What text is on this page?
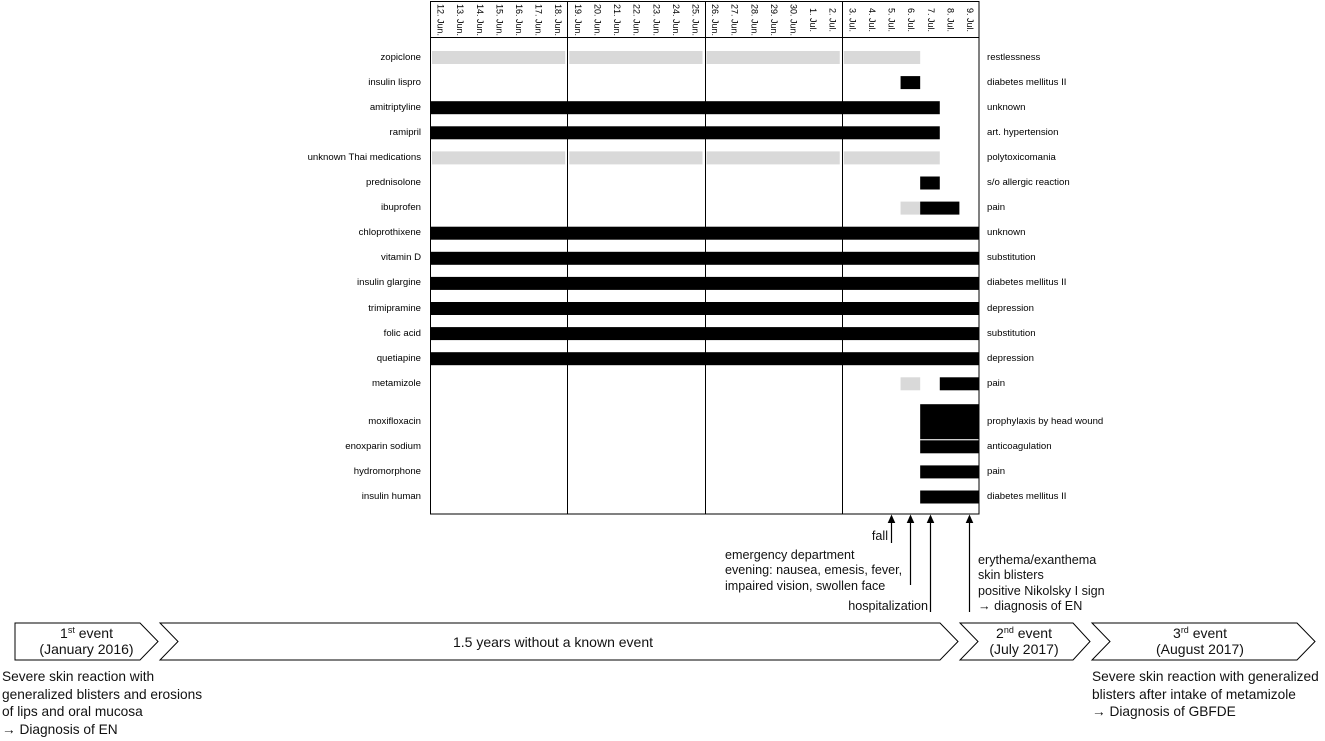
12. Jun.	13. Jun.	14. Jun.	15. Jun.	16. Jun.	17. Jun.	18. Jun.	19. Jun.	20. Jun.	21. Jun.	22. Jun.	23. Jun.	24. Jun.	25. Jun.	26. Jun.	27. Jun.	28. Jun.	29. Jun.	30. Jun.	1. Jul.	2. Jul.	3. Jul.	4. Jul.	5. Jul.	6. Jul.	7. Jul.	8. Jul.	9. Jul.
zopiclone	restlessness
insulin lispro	diabetes mellitus II
amitriptyline	unknown
ramipril	art. hypertension
unknown Thai medications	polytoxicomania
prednisolone	s/o allergic reaction
ibuprofen	pain
chloprothixene	unknown
vitamin D	substitution
insulin glargine	diabetes mellitus II
trimipramine	depression
folic acid	substitution
quetiapine	depression
metamizole	pain
moxifloxacin	prophylaxis by head wound
enoxparin sodium	anticoagulation
hydromorphone	pain
insulin human	diabetes mellitus II
fall
emergency department
evening: nausea, emesis, fever,
impaired vision, swollen face
hospitalization
erythema/exanthema
skin blisters
positive Nikolsky I sign
→ diagnosis of EN
1st event
(January 2016)	1.5 years without a known event
2nd event
(July 2017)
3rd event
(August 2017)
Severe skin reaction with
generalized blisters and erosions
of lips and oral mucosa
→ Diagnosis of EN
Severe skin reaction with generalized
blisters after intake of metamizole
→ Diagnosis of GBFDE
